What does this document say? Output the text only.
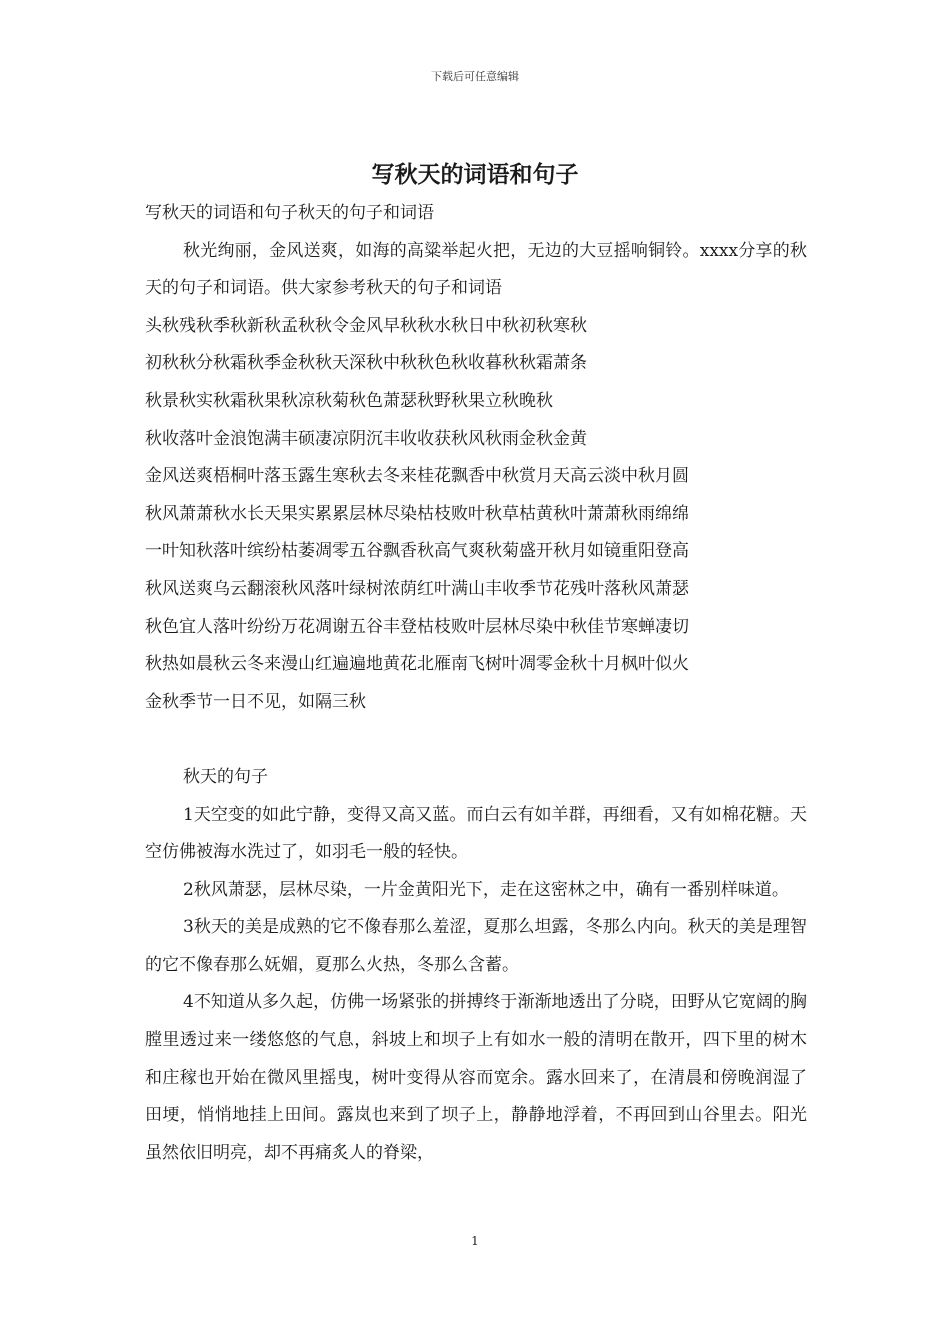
下载后可任意编辑
写秋天的词语和句子

写秋天的词语和句子秋天的句子和词语

秋光绚丽，金风送爽，如海的高粱举起火把，无边的大豆摇响铜铃。xxxx分享的秋天的句子和词语。供大家参考秋天的句子和词语

头秋残秋季秋新秋孟秋秋令金风早秋秋水秋日中秋初秋寒秋

初秋秋分秋霜秋季金秋秋天深秋中秋秋色秋收暮秋秋霜萧条

秋景秋实秋霜秋果秋凉秋菊秋色萧瑟秋野秋果立秋晚秋

秋收落叶金浪饱满丰硕凄凉阴沉丰收收获秋风秋雨金秋金黄

金风送爽梧桐叶落玉露生寒秋去冬来桂花飘香中秋赏月天高云淡中秋月圆

秋风萧萧秋水长天果实累累层林尽染枯枝败叶秋草枯黄秋叶萧萧秋雨绵绵

一叶知秋落叶缤纷枯萎凋零五谷飘香秋高气爽秋菊盛开秋月如镜重阳登高

秋风送爽乌云翻滚秋风落叶绿树浓荫红叶满山丰收季节花残叶落秋风萧瑟

秋色宜人落叶纷纷万花凋谢五谷丰登枯枝败叶层林尽染中秋佳节寒蝉凄切

秋热如晨秋云冬来漫山红遍遍地黄花北雁南飞树叶凋零金秋十月枫叶似火

金秋季节一日不见，如隔三秋

秋天的句子

1天空变的如此宁静，变得又高又蓝。而白云有如羊群，再细看，又有如棉花糖。天空仿佛被海水洗过了，如羽毛一般的轻快。

2秋风萧瑟，层林尽染，一片金黄阳光下，走在这密林之中，确有一番别样味道。

3秋天的美是成熟的它不像春那么羞涩，夏那么坦露，冬那么内向。秋天的美是理智的它不像春那么妩媚，夏那么火热，冬那么含蓄。

4不知道从多久起，仿佛一场紧张的拼搏终于渐渐地透出了分晓，田野从它宽阔的胸膛里透过来一缕悠悠的气息，斜坡上和坝子上有如水一般的清明在散开，四下里的树木和庄稼也开始在微风里摇曳，树叶变得从容而宽余。露水回来了，在清晨和傍晚润湿了田埂，悄悄地挂上田间。露岚也来到了坝子上，静静地浮着，不再回到山谷里去。阳光虽然依旧明亮，却不再痛炙人的脊梁，

1
